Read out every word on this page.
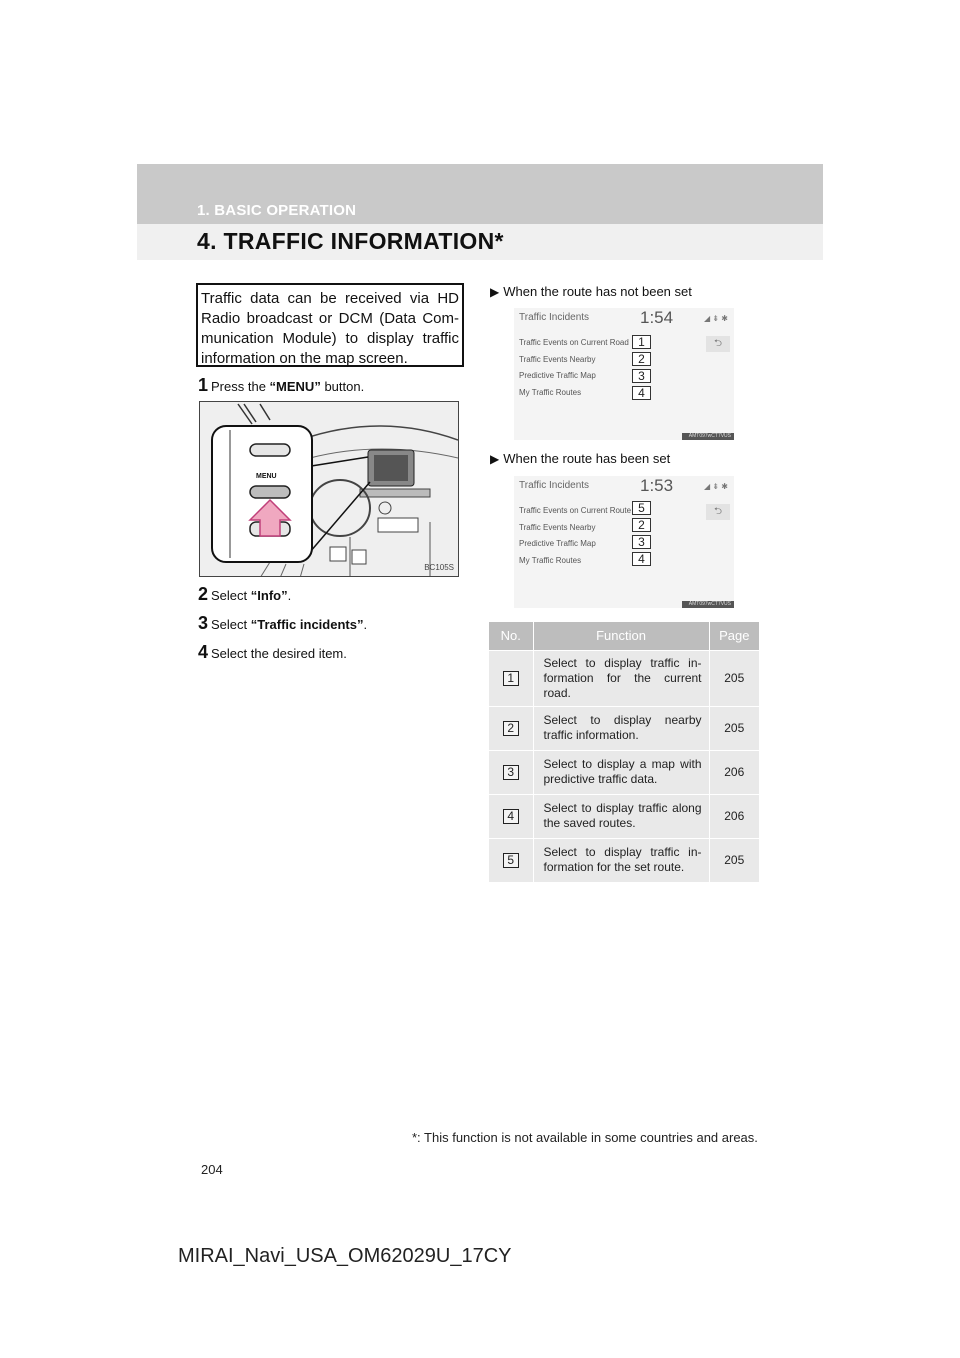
1. BASIC OPERATION
4. TRAFFIC INFORMATION*
Traffic data can be received via HD Radio broadcast or DCM (Data Com-munication Module) to display traffic information on the map screen.
1 Press the “MENU” button.
MENU
BC105S
2 Select “Info”.
3 Select “Traffic incidents”.
4 Select the desired item.
▶ When the route has not been set
Traffic Incidents	1:54	◢ ⇟ ✱
⮌
Traffic Events on Current Road
Traffic Events Nearby
Predictive Traffic Map
My Traffic Routes
1
2
3
4
AMT097wCT7VUS
▶ When the route has been set
Traffic Incidents	1:53	◢ ⇟ ✱
⮌
Traffic Events on Current Route
Traffic Events Nearby
Predictive Traffic Map
My Traffic Routes
5
2
3
4
AMT097wCT7VUS
No.	Function	Page
1	Select to display traffic in-formation for the current road.	205
2	Select to display nearby traffic information.	205
3	Select to display a map with predictive traffic data.	206
4	Select to display traffic along the saved routes.	206
5	Select to display traffic in-formation for the set route.	205
*: This function is not available in some countries and areas.
204
MIRAI_Navi_USA_OM62029U_17CY
